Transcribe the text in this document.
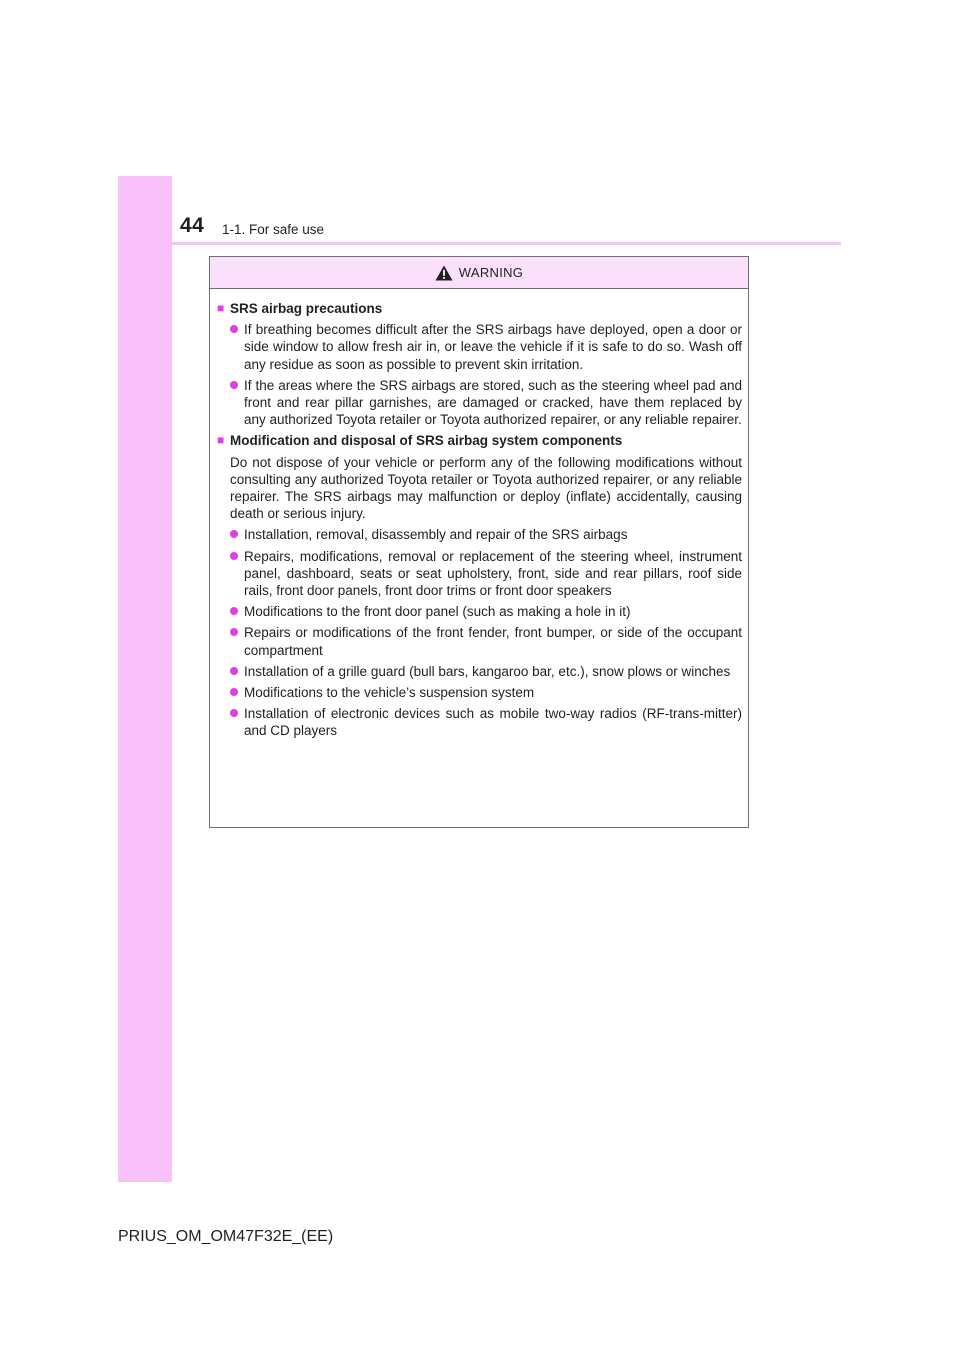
44 1-1. For safe use
WARNING
■ SRS airbag precautions
If breathing becomes difficult after the SRS airbags have deployed, open a door or side window to allow fresh air in, or leave the vehicle if it is safe to do so. Wash off any residue as soon as possible to prevent skin irritation.
If the areas where the SRS airbags are stored, such as the steering wheel pad and front and rear pillar garnishes, are damaged or cracked, have them replaced by any authorized Toyota retailer or Toyota authorized repairer, or any reliable repairer.
■ Modification and disposal of SRS airbag system components
Do not dispose of your vehicle or perform any of the following modifications without consulting any authorized Toyota retailer or Toyota authorized repairer, or any reliable repairer. The SRS airbags may malfunction or deploy (inflate) accidentally, causing death or serious injury.
Installation, removal, disassembly and repair of the SRS airbags
Repairs, modifications, removal or replacement of the steering wheel, instrument panel, dashboard, seats or seat upholstery, front, side and rear pillars, roof side rails, front door panels, front door trims or front door speakers
Modifications to the front door panel (such as making a hole in it)
Repairs or modifications of the front fender, front bumper, or side of the occupant compartment
Installation of a grille guard (bull bars, kangaroo bar, etc.), snow plows or winches
Modifications to the vehicle’s suspension system
Installation of electronic devices such as mobile two-way radios (RF-trans-mitter) and CD players
PRIUS_OM_OM47F32E_(EE)
